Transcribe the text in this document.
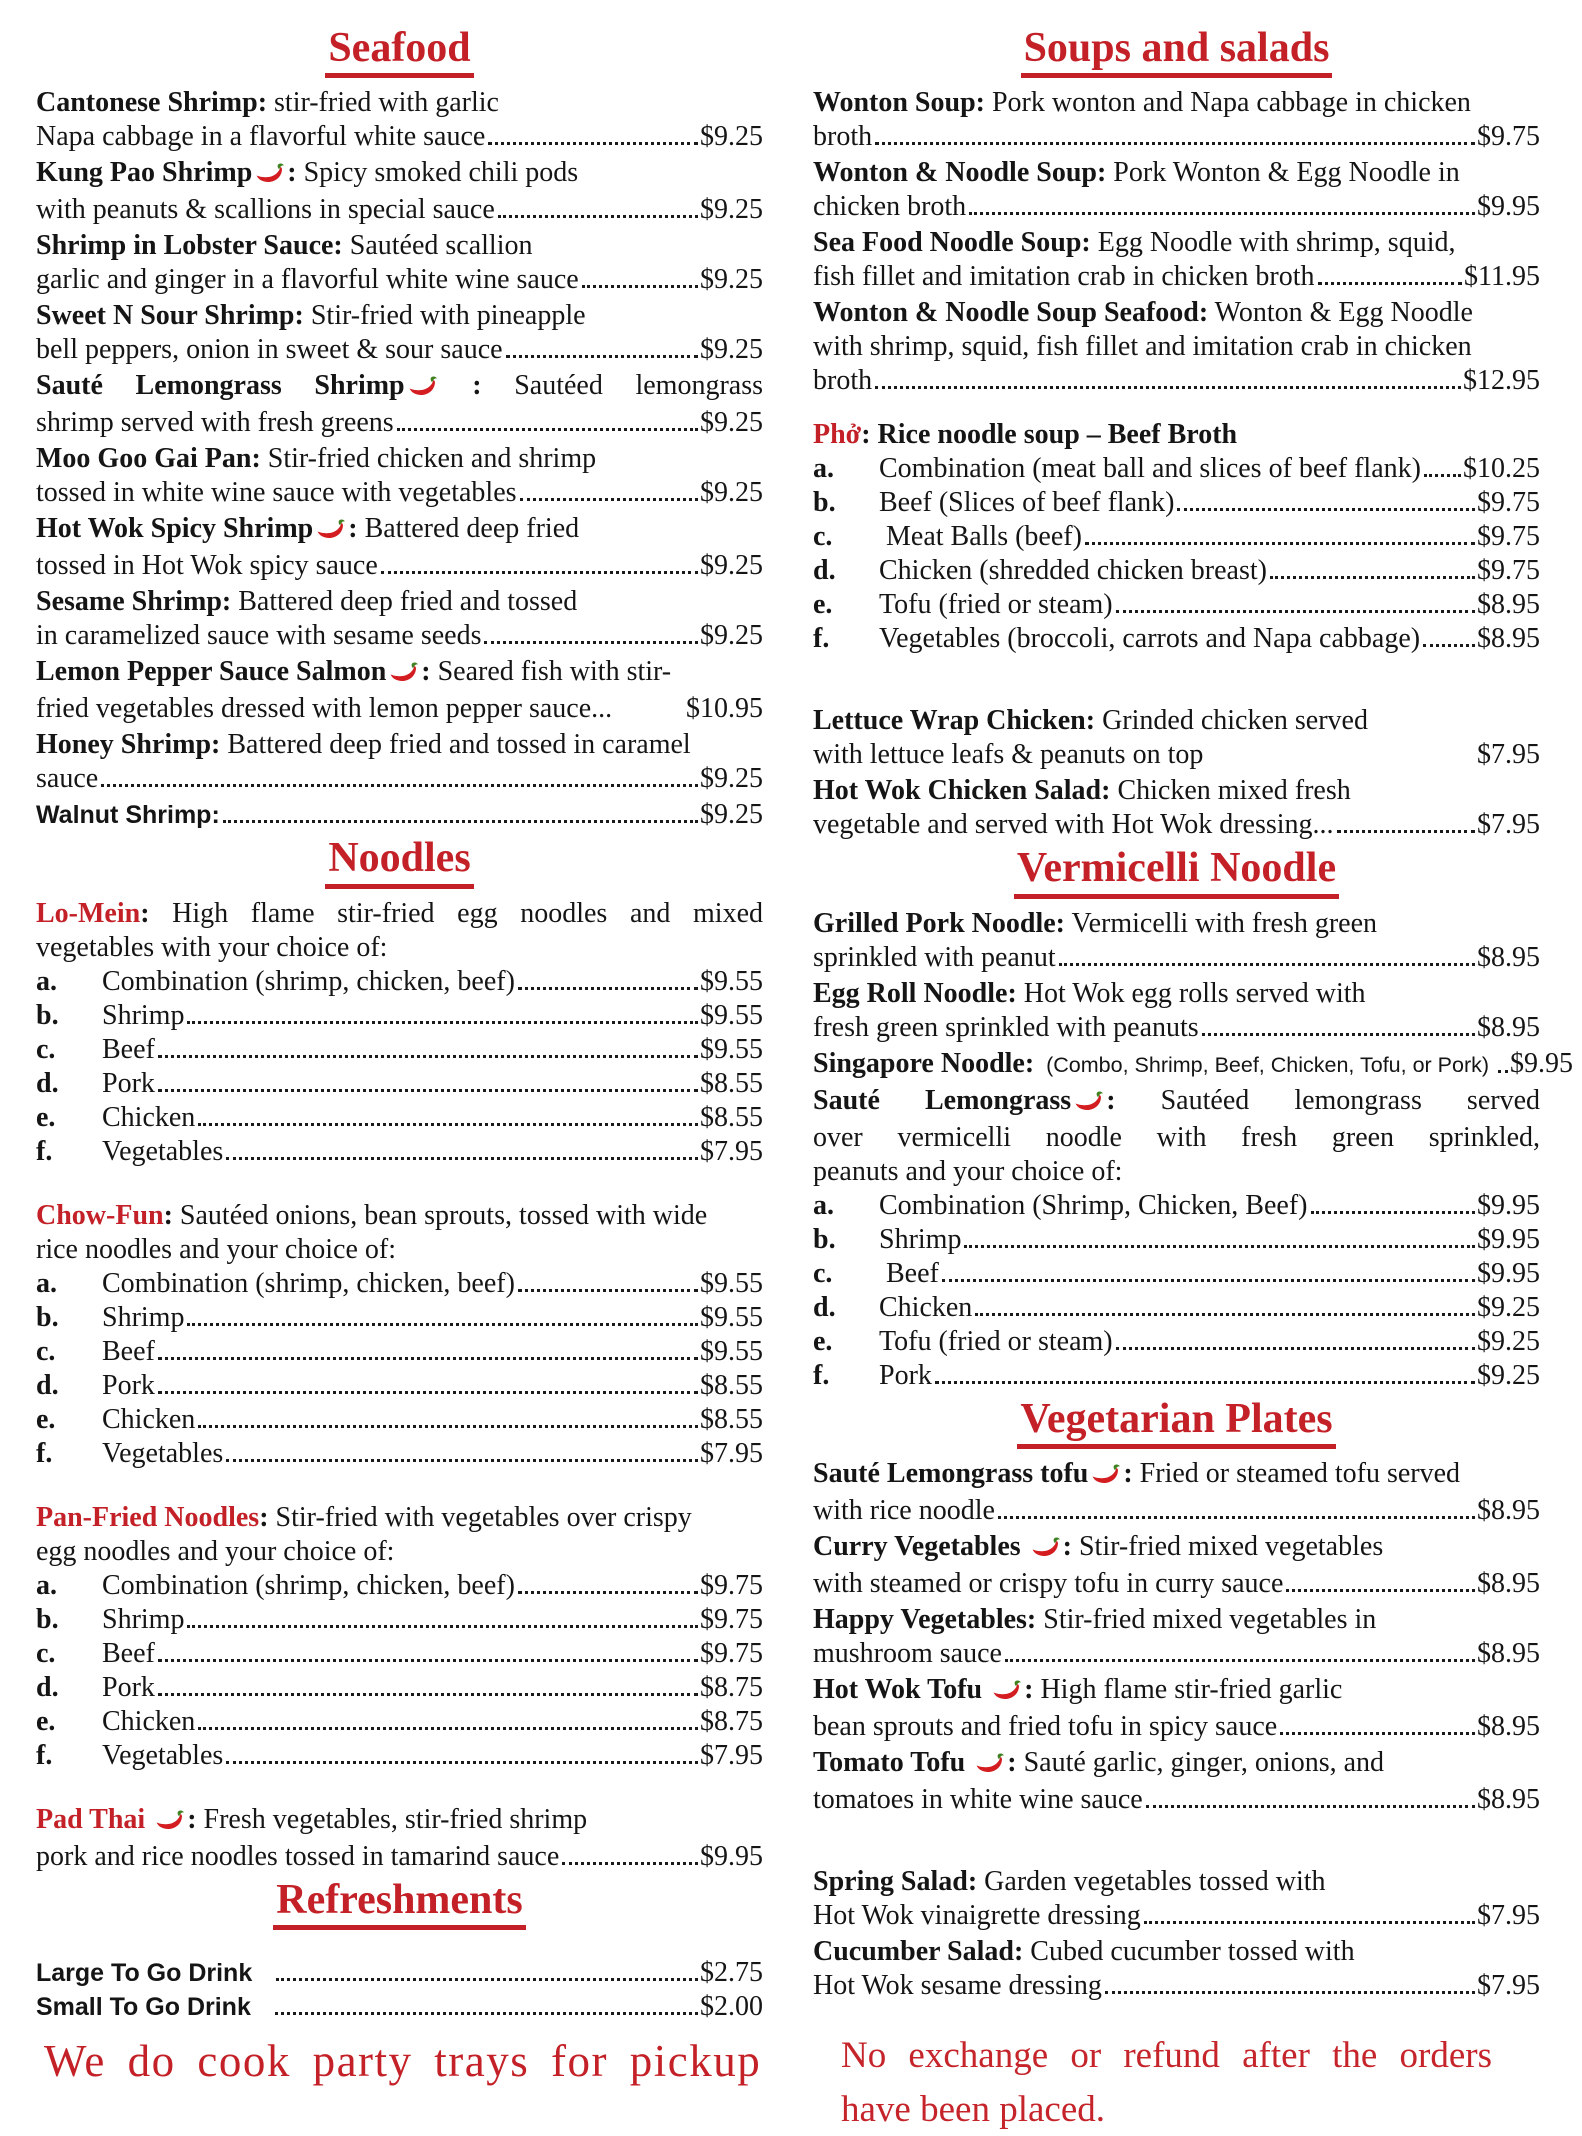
Seafood
Cantonese Shrimp: stir-fried with garlic
Napa cabbage in a flavorful white sauce	$9.25
Kung Pao Shrimp : Spicy smoked chili pods
with peanuts & scallions in special sauce	$9.25
Shrimp in Lobster Sauce: Sautéed scallion
garlic and ginger in a flavorful white wine sauce	$9.25
Sweet N Sour Shrimp: Stir-fried with pineapple
bell peppers, onion in sweet & sour sauce	$9.25
Sauté Lemongrass Shrimp : Sautéed lemongrass
shrimp served with fresh greens	$9.25
Moo Goo Gai Pan: Stir-fried chicken and shrimp
tossed in white wine sauce with vegetables	$9.25
Hot Wok Spicy Shrimp : Battered deep fried
tossed in Hot Wok spicy sauce	$9.25
Sesame Shrimp: Battered deep fried and tossed
in caramelized sauce with sesame seeds	$9.25
Lemon Pepper Sauce Salmon : Seared fish with stir-
fried vegetables dressed with lemon pepper sauce...	$10.95
Honey Shrimp: Battered deep fried and tossed in caramel
sauce	$9.25
Walnut Shrimp:	$9.25
Noodles
Lo-Mein: High flame stir-fried egg noodles and mixed
vegetables with your choice of:
a.	Combination (shrimp, chicken, beef)	$9.55
b.	Shrimp	$9.55
c.	Beef	$9.55
d.	Pork	$8.55
e.	Chicken	$8.55
f.	Vegetables	$7.95
Chow-Fun: Sautéed onions, bean sprouts, tossed with wide
rice noodles and your choice of:
a.	Combination (shrimp, chicken, beef)	$9.55
b.	Shrimp	$9.55
c.	Beef	$9.55
d.	Pork	$8.55
e.	Chicken	$8.55
f.	Vegetables	$7.95
Pan-Fried Noodles: Stir-fried with vegetables over crispy
egg noodles and your choice of:
a.	Combination (shrimp, chicken, beef)	$9.75
b.	Shrimp	$9.75
c.	Beef	$9.75
d.	Pork	$8.75
e.	Chicken	$8.75
f.	Vegetables	$7.95
Pad Thai : Fresh vegetables, stir-fried shrimp
pork and rice noodles tossed in tamarind sauce	$9.95
Refreshments
Large To Go Drink	$2.75
Small To Go Drink	$2.00
We do cook party trays for pickup
Soups and salads
Wonton Soup: Pork wonton and Napa cabbage in chicken
broth	$9.75
Wonton & Noodle Soup: Pork Wonton & Egg Noodle in
chicken broth	$9.95
Sea Food Noodle Soup: Egg Noodle with shrimp, squid,
fish fillet and imitation crab in chicken broth	$11.95
Wonton & Noodle Soup Seafood: Wonton & Egg Noodle
with shrimp, squid, fish fillet and imitation crab in chicken
broth	$12.95
Phở: Rice noodle soup – Beef Broth
a.	Combination (meat ball and slices of beef flank) $10.25
b.	Beef (Slices of beef flank)	$9.75
c.	Meat Balls (beef)	$9.75
d.	Chicken (shredded chicken breast)	$9.75
e.	Tofu (fried or steam)	$8.95
f.	Vegetables (broccoli, carrots and Napa cabbage) $8.95
Lettuce Wrap Chicken: Grinded chicken served
with lettuce leafs & peanuts on top	$7.95
Hot Wok Chicken Salad: Chicken mixed fresh
vegetable and served with Hot Wok dressing...	$7.95
Vermicelli Noodle
Grilled Pork Noodle: Vermicelli with fresh green
sprinkled with peanut	$8.95
Egg Roll Noodle: Hot Wok egg rolls served with
fresh green sprinkled with peanuts	$8.95
Singapore Noodle:  (Combo, Shrimp, Beef, Chicken, Tofu, or Pork) $9.95
Sauté Lemongrass : Sautéed lemongrass served
over vermicelli noodle with fresh green sprinkled,
peanuts and your choice of:
a.	Combination (Shrimp, Chicken, Beef)	$9.95
b.	Shrimp	$9.95
c.	Beef	$9.95
d.	Chicken	$9.25
e.	Tofu (fried or steam)	$9.25
f.	Pork	$9.25
Vegetarian Plates
Sauté Lemongrass tofu : Fried or steamed tofu served
with rice noodle	$8.95
Curry Vegetables : Stir-fried mixed vegetables
with steamed or crispy tofu in curry sauce	$8.95
Happy Vegetables: Stir-fried mixed vegetables in
mushroom sauce	$8.95
Hot Wok Tofu : High flame stir-fried garlic
bean sprouts and fried tofu in spicy sauce	$8.95
Tomato Tofu : Sauté garlic, ginger, onions, and
tomatoes in white wine sauce	$8.95
Spring Salad: Garden vegetables tossed with
Hot Wok vinaigrette dressing	$7.95
Cucumber Salad: Cubed cucumber tossed with
Hot Wok sesame dressing	$7.95
No exchange or refund after the orders
have been placed.
